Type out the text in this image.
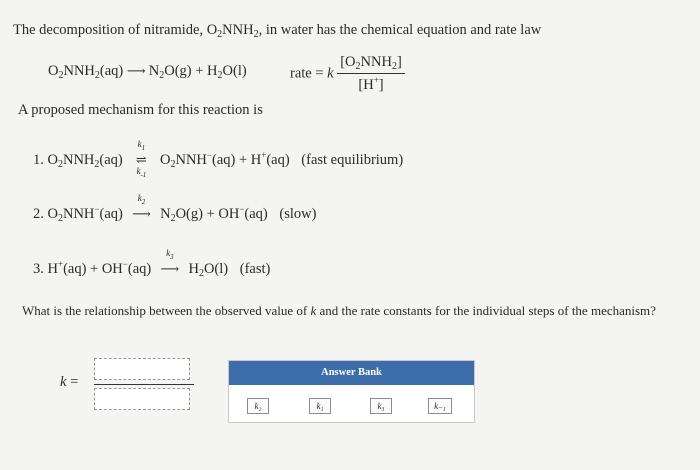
The decomposition of nitramide, $O_2NNH_2$, in water has the chemical equation and rate law
$O_2NNH_2(aq)$ ⟶ $N_2O(g) + H_2O(l)$	rate = k $\frac{[O_2NNH_2]}{[H^+]}$
A proposed mechanism for this reaction is
1. $O_2NNH_2(aq)$
$k_1$
⇌
$k_{-1}$
$O_2NNH^-(aq) + H^+(aq)$ (fast equilibrium)
2. $O_2NNH^-(aq)$
$k_2$
⟶ $N_2O(g) + OH^-(aq)$ (slow)
3. H+(aq) + OH−(aq)
$k_3$
⟶ $H_2O(l)$ (fast)
What is the relationship between the observed value of k and the rate constants for the individual steps of the mechanism?
k =
Answer Bank
k₂	k₁	k₃	k₋₁
